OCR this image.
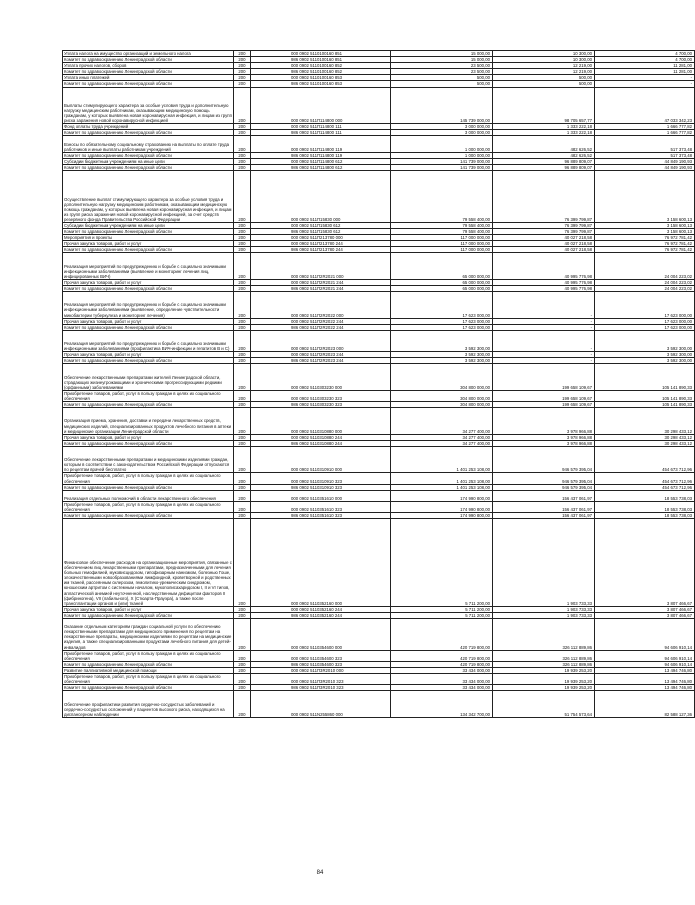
Уплата налога на имущество организаций и земельного налога	200	000 0902 5110100160 851	15 000,00	10 300,00	4 700,00
Комитет по здравоохранению Ленинградской области	200	986 0902 5110100160 851	15 000,00	10 300,00	4 700,00
Уплата прочих налогов, сборов	200	000 0902 5110100160 852	23 500,00	12 219,00	11 281,00
Комитет по здравоохранению Ленинградской области	200	986 0902 5110100160 852	23 500,00	12 219,00	11 281,00
Уплата иных платежей	200	000 0902 5110100160 853	500,00	500,00	-
Комитет по здравоохранению Ленинградской области	200	986 0902 5110100160 853	500,00	500,00	-
Выплаты стимулирующего характера за особые условия труда и дополнительную нагрузку медицинским работникам, оказывающим медицинскую помощь гражданам, у которых выявлена новая коронавирусная инфекция, и лицам из групп риска заражения новой коронавирусной инфекцией	200	000 0902 511П114800 000	145 739 000,00	98 705 657,77	47 033 342,23
Фонд оплаты труда учреждений	200	000 0902 511П114800 111	3 000 000,00	1 333 222,18	1 666 777,82
Комитет по здравоохранению Ленинградской области	200	986 0902 511П114800 111	3 000 000,00	1 333 222,18	1 666 777,82
Взносы по обязательному социальному страхованию на выплаты по оплате труда работников и иные выплаты работникам учреждений	200	000 0902 511П114800 119	1 000 000,00	482 626,52	517 373,48
Комитет по здравоохранению Ленинградской области	200	986 0902 511П114800 119	1 000 000,00	482 626,52	517 373,48
Субсидии бюджетным учреждениям на иные цели	200	000 0902 511П114800 612	141 739 000,00	96 889 809,07	44 849 190,93
Комитет по здравоохранению Ленинградской области	200	986 0902 511П114800 612	141 739 000,00	96 889 809,07	44 849 190,93
Осуществление выплат стимулирующего характера за особые условия труда и дополнительную нагрузку медицинским работникам, оказывающим медицинскую помощь гражданам, у которых выявлена новая коронавирусная инфекция, и лицам из групп риска заражения новой коронавирусной инфекцией, за счет средств резервного фонда Правительства Российской Федерации	200	000 0902 511П15830 000	79 558 400,00	76 399 799,87	3 158 600,13
Субсидии бюджетным учреждениям на иные цели	200	000 0902 511П15830 612	79 558 400,00	76 399 799,87	3 158 600,13
Комитет по здравоохранению Ленинградской области	200	986 0902 511П15830 612	79 558 400,00	76 399 799,87	3 158 600,13
Мероприятия и проекты	200	000 0902 511П213780 000	117 000 000,00	40 027 218,58	76 972 781,42
Прочая закупка товаров, работ и услуг	200	000 0902 511П213780 244	117 000 000,00	40 027 218,58	76 972 781,42
Комитет по здравоохранению Ленинградской области	200	986 0902 511П213780 244	117 000 000,00	40 027 218,58	76 972 781,42
Реализация мероприятий по предупреждению и борьбе с социально значимыми инфекционными заболеваниями (выявление и мониторинг лечения лиц, инфицированных ВИЧ)	200	000 0902 511П2R2021 000	65 000 000,00	40 995 776,98	24 004 223,02
Прочая закупка товаров, работ и услуг	200	000 0902 511П2R2021 244	65 000 000,00	40 995 776,98	24 004 223,02
Комитет по здравоохранению Ленинградской области	200	986 0902 511П2R2021 244	65 000 000,00	40 995 776,98	24 004 223,02
Реализация мероприятий по предупреждению и борьбе с социально значимыми инфекционными заболеваниями (выявление, определение чувствительности микобактерии туберкулеза и мониторинг лечения)	200	000 0902 511П2R2022 000	17 623 000,00	-	17 623 000,00
Прочая закупка товаров, работ и услуг	200	000 0902 511П2R2022 244	17 623 000,00	-	17 623 000,00
Комитет по здравоохранению Ленинградской области	200	986 0902 511П2R2022 244	17 623 000,00	-	17 623 000,00
Реализация мероприятий по предупреждению и борьбе с социально значимыми инфекционными заболеваниями (профилактика ВИЧ-инфекции и гепатитов В и С)	200	000 0902 511П2R2023 000	3 592 300,00	-	3 592 300,00
Прочая закупка товаров, работ и услуг	200	000 0902 511П2R2023 244	3 592 300,00	-	3 592 300,00
Комитет по здравоохранению Ленинградской области	200	986 0902 511П2R2023 244	3 592 300,00	-	3 592 300,00
Обеспечение лекарственными препаратами жителей Ленинградской области, страдающих жизнеугрожающими и хроническими прогрессирующими редкими (орфанными) заболеваниями	200	000 0902 5110303230 000	304 800 000,00	199 658 109,67	105 141 890,33
Приобретение товаров, работ, услуг в пользу граждан в целях их социального обеспечения	200	000 0902 5110303230 323	304 800 000,00	199 658 109,67	105 141 890,33
Комитет по здравоохранению Ленинградской области	200	986 0902 5110303230 323	304 800 000,00	199 658 109,67	105 141 890,33
Организация приема, хранения, доставки и передачи лекарственных средств, медицинских изделий, специализированных продуктов лечебного питания в аптеки и медицинские организации Ленинградской области	200	000 0902 5110310880 000	34 277 400,00	3 978 966,88	30 298 433,12
Прочая закупка товаров, работ и услуг	200	000 0902 5110310880 244	34 277 400,00	3 978 966,88	30 298 433,12
Комитет по здравоохранению Ленинградской области	200	986 0902 5110310880 244	34 277 400,00	3 978 966,88	30 298 433,12
Обеспечение лекарственными препаратами и медицинскими изделиями граждан, которым в соответствии с законодательством Российской Федерации отпускаются по рецептам врачей бесплатно	200	000 0902 5110310910 000	1 401 253 108,00	946 579 395,04	454 673 712,96
Приобретение товаров, работ, услуг в пользу граждан в целях их социального обеспечения	200	000 0902 5110310910 323	1 401 253 108,00	946 579 395,04	454 673 712,96
Комитет по здравоохранению Ленинградской области	200	986 0902 5110310910 323	1 401 253 108,00	946 579 395,04	454 673 712,96
Реализация отдельных полномочий в области лекарственного обеспечения	200	000 0902 5110351610 000	174 990 800,00	156 437 061,97	18 553 738,03
Приобретение товаров, работ, услуг в пользу граждан в целях их социального обеспечения	200	000 0902 5110351610 323	174 990 800,00	156 437 061,97	18 553 738,03
Комитет по здравоохранению Ленинградской области	200	986 0902 5110351610 323	174 990 800,00	156 437 061,97	18 553 738,03
Финансовое обеспечение расходов на организационные мероприятия, связанные с обеспечением лиц лекарственными препаратами, предназначенными для лечения больных гемофилией, муковисцидозом, гипофизарным нанизмом, болезнью Гоше, злокачественными новообразованиями лимфоидной, кроветворной и родственных им тканей, рассеянным склерозом, гемолитико-уремическим синдромом, юношеским артритом с системным началом, мукополисахаридозом I, II и VI типов, апластической анемией неуточненной, наследственным дефицитом факторов II (фибриногена), VII (лабильного), X (Стюарта-Прауэра), а также после трансплантации органов и (или) тканей	200	000 0902 5110352160 000	5 711 200,00	1 903 733,33	3 807 466,67
Прочая закупка товаров, работ и услуг	200	000 0902 5110352160 244	5 711 200,00	1 903 733,33	3 807 466,67
Комитет по здравоохранению Ленинградской области	200	986 0902 5110352160 244	5 711 200,00	1 903 733,33	3 807 466,67
Оказание отдельным категориям граждан социальной услуги по обеспечению лекарственными препаратами для медицинского применения по рецептам на лекарственные препараты, медицинскими изделиями по рецептам на медицинские изделия, а также специализированными продуктами лечебного питания для детей-инвалидов	200	000 0902 5110354600 000	420 719 800,00	326 112 889,86	94 606 910,14
Приобретение товаров, работ, услуг в пользу граждан в целях их социального обеспечения	200	000 0902 5110354600 323	420 719 800,00	326 112 889,86	94 606 910,14
Комитет по здравоохранению Ленинградской области	200	986 0902 5110354600 323	420 719 800,00	326 112 889,86	94 606 910,14
Развитие паллиативной медицинской помощи	200	000 0902 511П3R2010 000	33 434 000,00	19 939 253,20	13 494 746,80
Приобретение товаров, работ, услуг в пользу граждан в целях их социального обеспечения	200	000 0902 511П3R2010 323	33 434 000,00	19 939 253,20	13 494 746,80
Комитет по здравоохранению Ленинградской области	200	986 0902 511П3R2010 323	33 434 000,00	19 939 253,20	13 494 746,80
Обеспечение профилактики развития сердечно-сосудистых заболеваний и сердечно-сосудистых осложнений у пациентов высокого риска, находящихся на диспансерном наблюдении	200	000 0902 511N255860 000	134 342 700,00	51 754 573,64	82 588 127,36
84
